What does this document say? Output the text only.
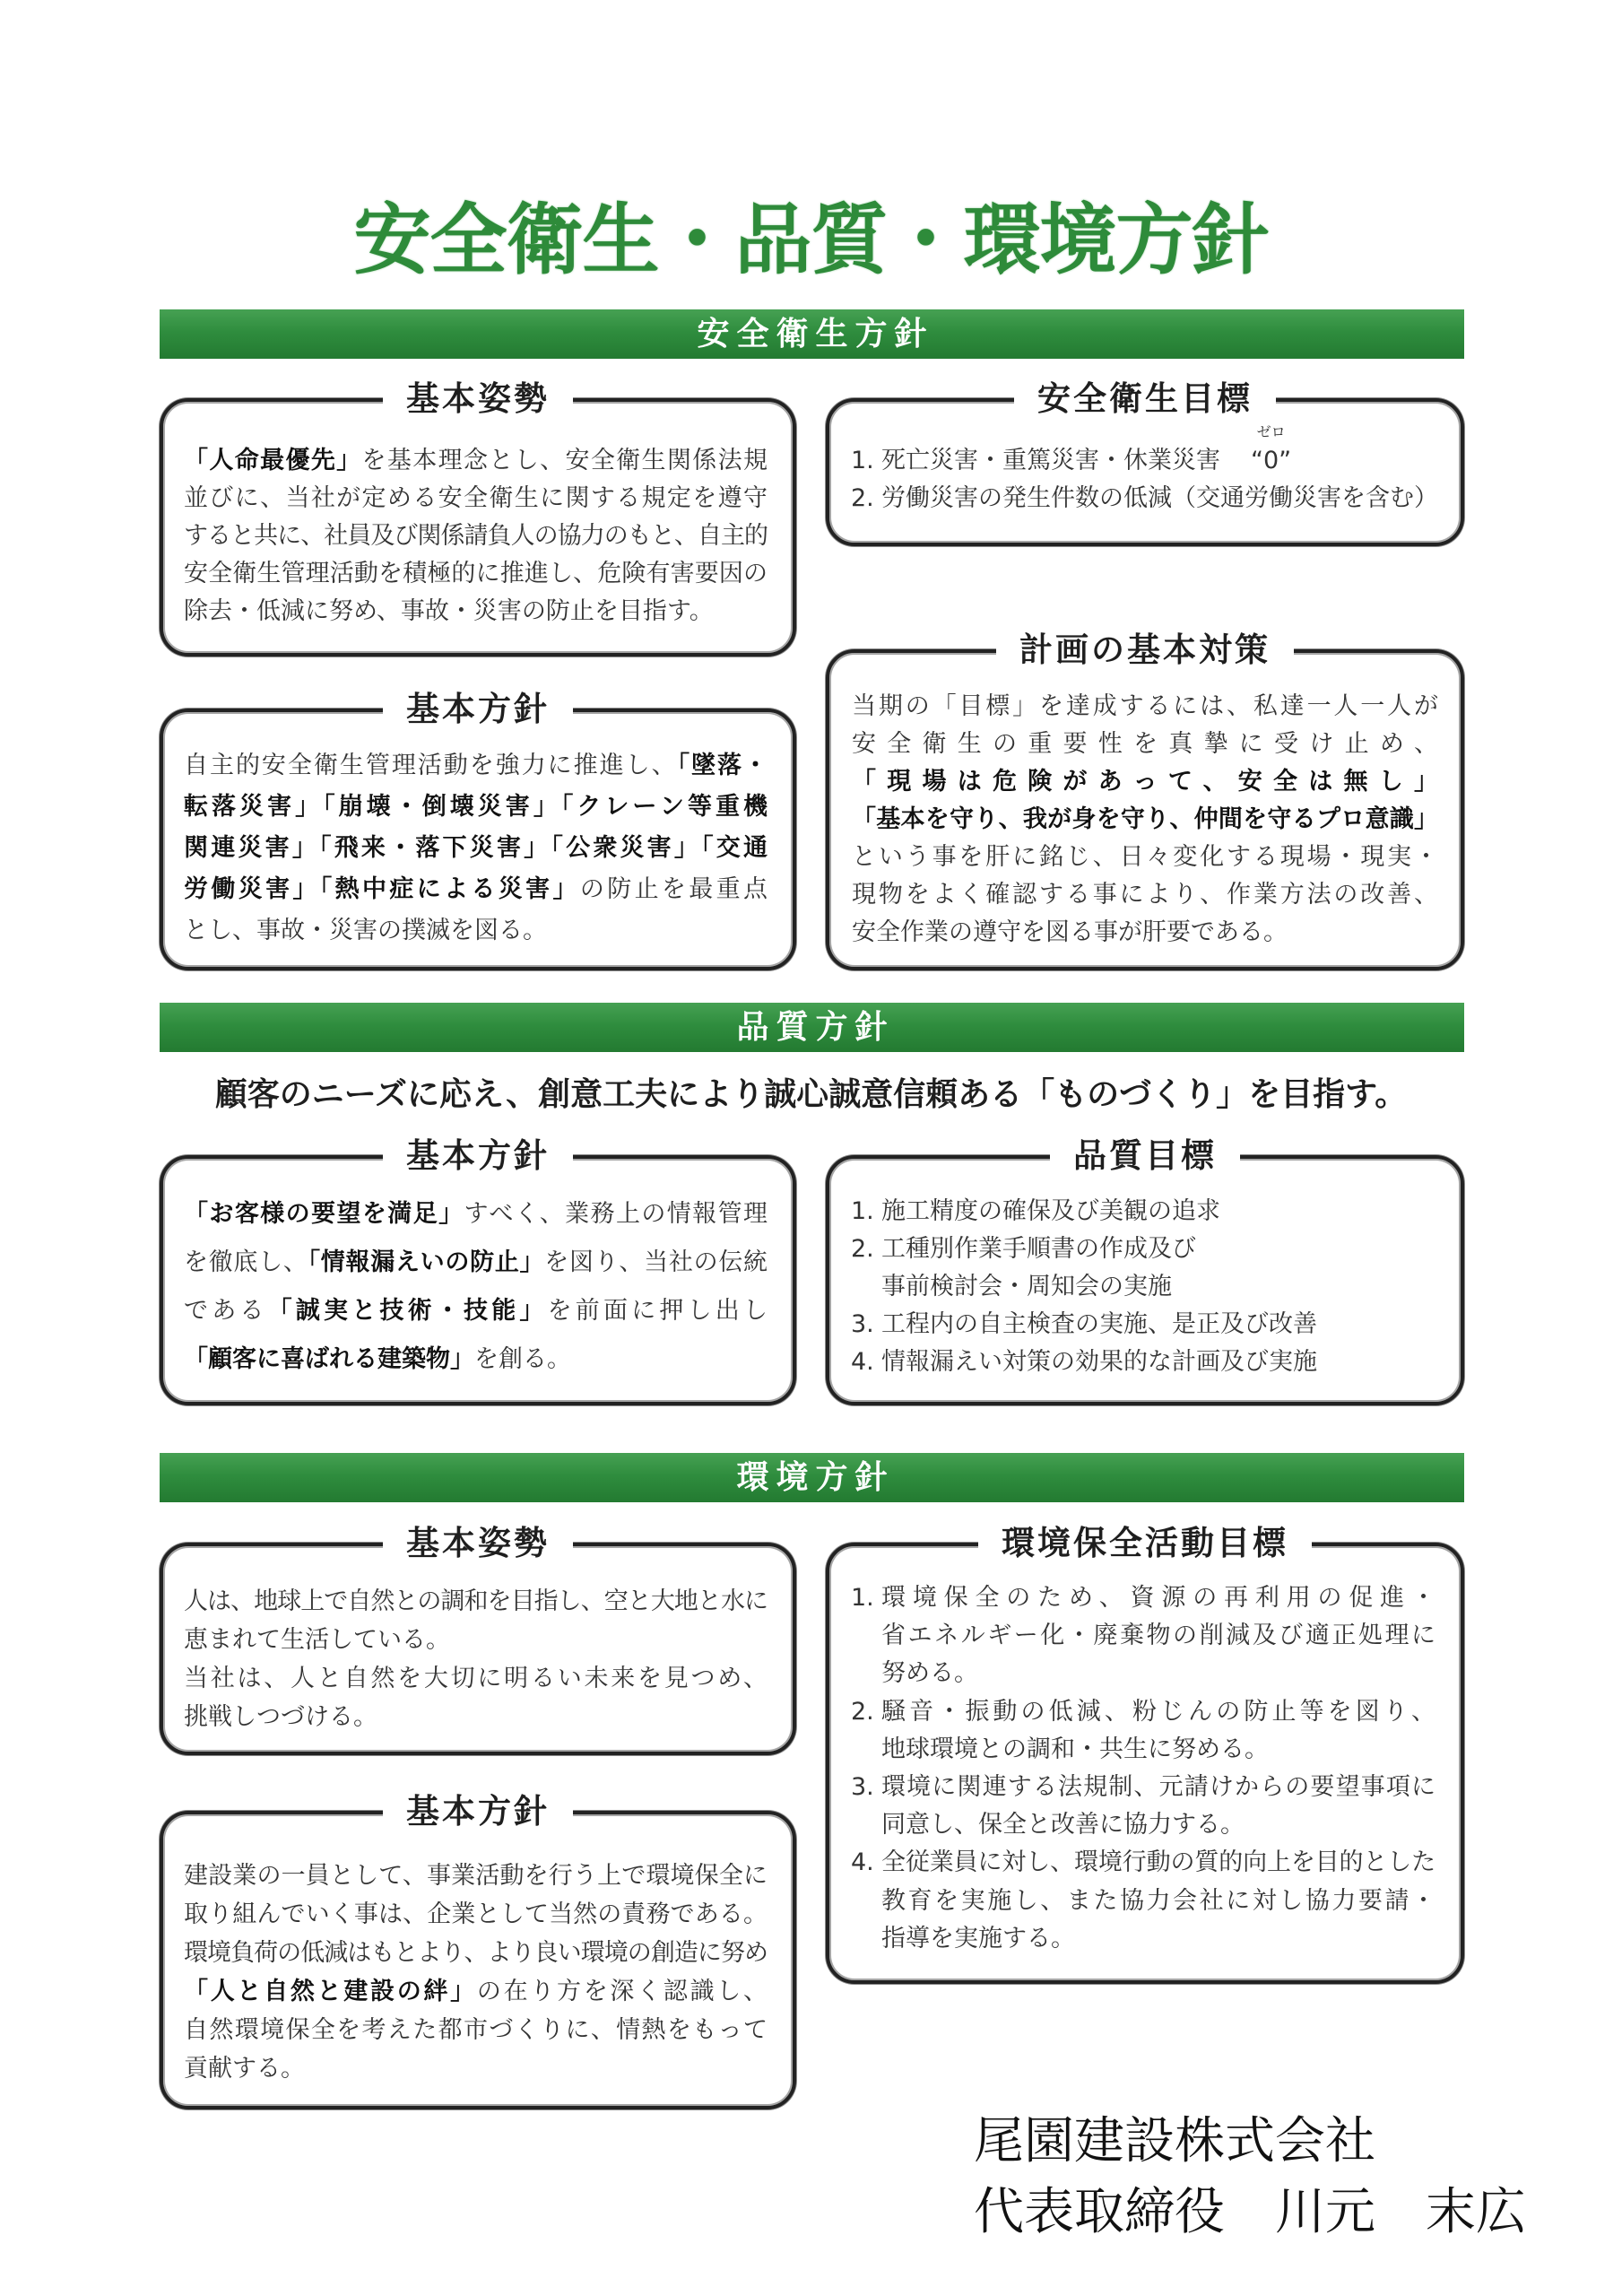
安全衛生・品質・環境方針
安全衛生方針
基本姿勢
「人命最優先」を基本理念とし、安全衛生関係法規
並びに、当社が定める安全衛生に関する規定を遵守
すると共に、社員及び関係請負人の協力のもと、自主的
安全衛生管理活動を積極的に推進し、危険有害要因の
除去・低減に努め、事故・災害の防止を目指す。
基本方針
自主的安全衛生管理活動を強力に推進し、「墜落・
転落災害」「崩壊・倒壊災害」「クレーン等重機
関連災害」「飛来・落下災害」「公衆災害」「交通
労働災害」「熱中症による災害」の防止を最重点
とし、事故・災害の撲滅を図る。
安全衛生目標
1. 死亡災害・重篤災害・休業災害
ゼロ
“0”
2. 労働災害の発生件数の低減（交通労働災害を含む）
計画の基本対策
当期の「目標」を達成するには、私達一人一人が
安全衛生の重要性を真摯に受け止め、
「現場は危険があって、安全は無し」
「基本を守り、我が身を守り、仲間を守るプロ意識」
という事を肝に銘じ、日々変化する現場・現実・
現物をよく確認する事により、作業方法の改善、
安全作業の遵守を図る事が肝要である。
品質方針

顧客のニーズに応え、創意工夫により誠心誠意信頼ある「ものづくり」を目指す。

基本方針
「お客様の要望を満足」すべく、業務上の情報管理
を徹底し、「情報漏えいの防止」を図り、当社の伝統
である「誠実と技術・技能」を前面に押し出し
「顧客に喜ばれる建築物」を創る。
品質目標
1. 施工精度の確保及び美観の追求
2. 工種別作業手順書の作成及び
事前検討会・周知会の実施
3. 工程内の自主検査の実施、是正及び改善
4. 情報漏えい対策の効果的な計画及び実施
環境方針
基本姿勢
人は、地球上で自然との調和を目指し、空と大地と水に
恵まれて生活している。
当社は、人と自然を大切に明るい未来を見つめ、
挑戦しつづける。
基本方針
建設業の一員として、事業活動を行う上で環境保全に
取り組んでいく事は、企業として当然の責務である。
環境負荷の低減はもとより、より良い環境の創造に努め
「人と自然と建設の絆」の在り方を深く認識し、
自然環境保全を考えた都市づくりに、情熱をもって
貢献する。
環境保全活動目標
1. 環境保全のため、資源の再利用の促進・
省エネルギー化・廃棄物の削減及び適正処理に
努める。
2. 騒音・振動の低減、粉じんの防止等を図り、
地球環境との調和・共生に努める。
3. 環境に関連する法規制、元請けからの要望事項に
同意し、保全と改善に協力する。
4. 全従業員に対し、環境行動の質的向上を目的とした
教育を実施し、また協力会社に対し協力要請・
指導を実施する。

尾園建設株式会社

代表取締役　川元　末広
